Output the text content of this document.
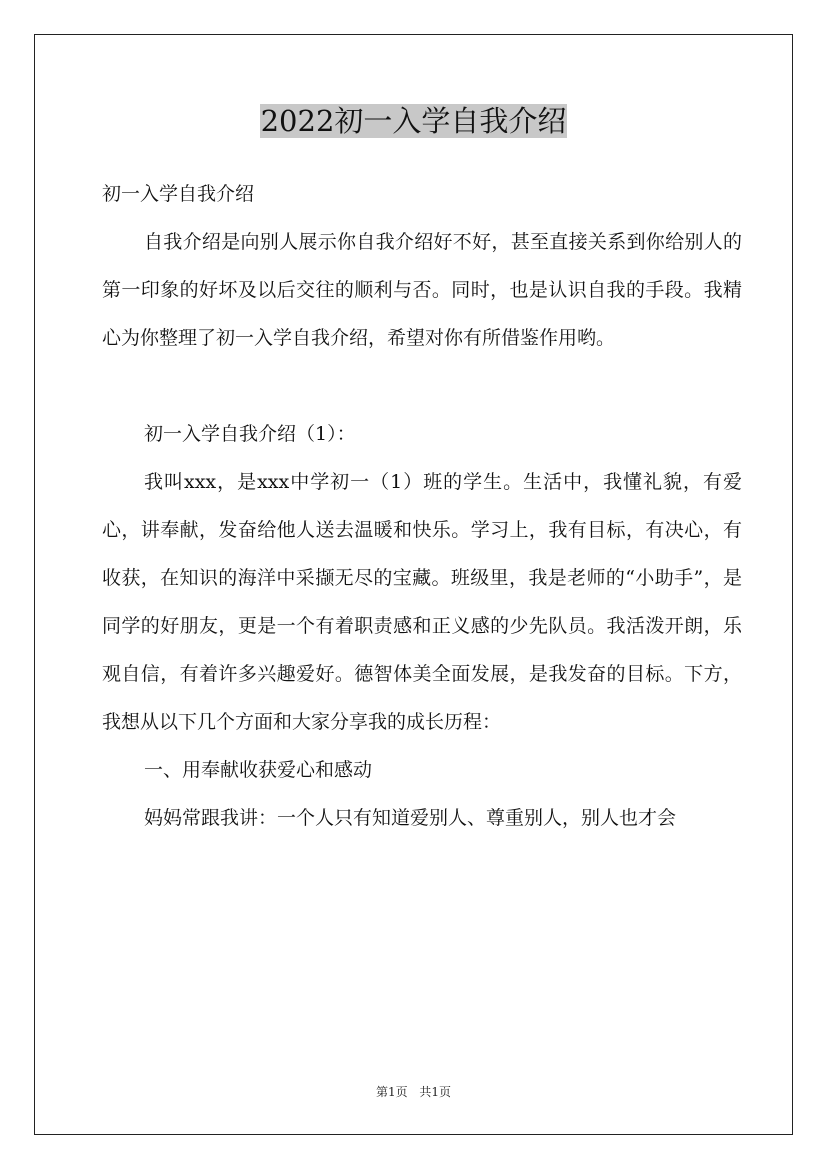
2022初一入学自我介绍

初一入学自我介绍

自我介绍是向别人展示你自我介绍好不好，甚至直接关系到你给别人的第一印象的好坏及以后交往的顺利与否。同时，也是认识自我的手段。我精心为你整理了初一入学自我介绍，希望对你有所借鉴作用哟。

初一入学自我介绍（1）：

我叫xxx，是xxx中学初一（1）班的学生。生活中，我懂礼貌，有爱心，讲奉献，发奋给他人送去温暖和快乐。学习上，我有目标，有决心，有收获，在知识的海洋中采撷无尽的宝藏。班级里，我是老师的“小助手”，是同学的好朋友，更是一个有着职责感和正义感的少先队员。我活泼开朗，乐观自信，有着许多兴趣爱好。德智体美全面发展，是我发奋的目标。下方，我想从以下几个方面和大家分享我的成长历程：

一、用奉献收获爱心和感动

妈妈常跟我讲：一个人只有知道爱别人、尊重别人，别人也才会

第1页 共1页
